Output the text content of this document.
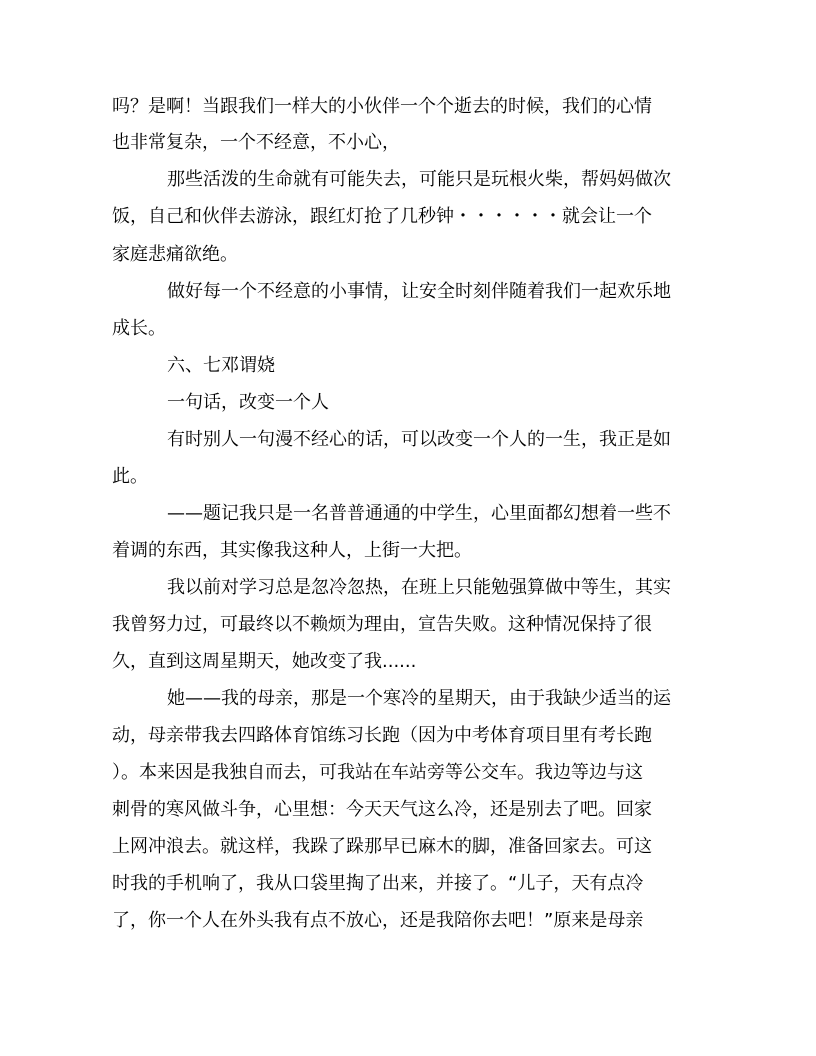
吗？是啊！当跟我们一样大的小伙伴一个个逝去的时候，我们的心情

也非常复杂，一个不经意，不小心，

那些活泼的生命就有可能失去，可能只是玩根火柴，帮妈妈做次

饭，自己和伙伴去游泳，跟红灯抢了几秒钟・・・・・・就会让一个

家庭悲痛欲绝。

做好每一个不经意的小事情，让安全时刻伴随着我们一起欢乐地

成长。

六、七邓谓娆

一句话，改变一个人

有时别人一句漫不经心的话，可以改变一个人的一生，我正是如

此。

——题记我只是一名普普通通的中学生，心里面都幻想着一些不

着调的东西，其实像我这种人，上街一大把。

我以前对学习总是忽冷忽热，在班上只能勉强算做中等生，其实

我曾努力过，可最终以不赖烦为理由，宣告失败。这种情况保持了很

久，直到这周星期天，她改变了我......

她——我的母亲，那是一个寒冷的星期天，由于我缺少适当的运

动，母亲带我去四路体育馆练习长跑（因为中考体育项目里有考长跑

）。本来因是我独自而去，可我站在车站旁等公交车。我边等边与这

刺骨的寒风做斗争，心里想：今天天气这么冷，还是别去了吧。回家

上网冲浪去。就这样，我跺了跺那早已麻木的脚，准备回家去。可这

时我的手机响了，我从口袋里掏了出来，并接了。“儿子，天有点冷

了，你一个人在外头我有点不放心，还是我陪你去吧！”原来是母亲
